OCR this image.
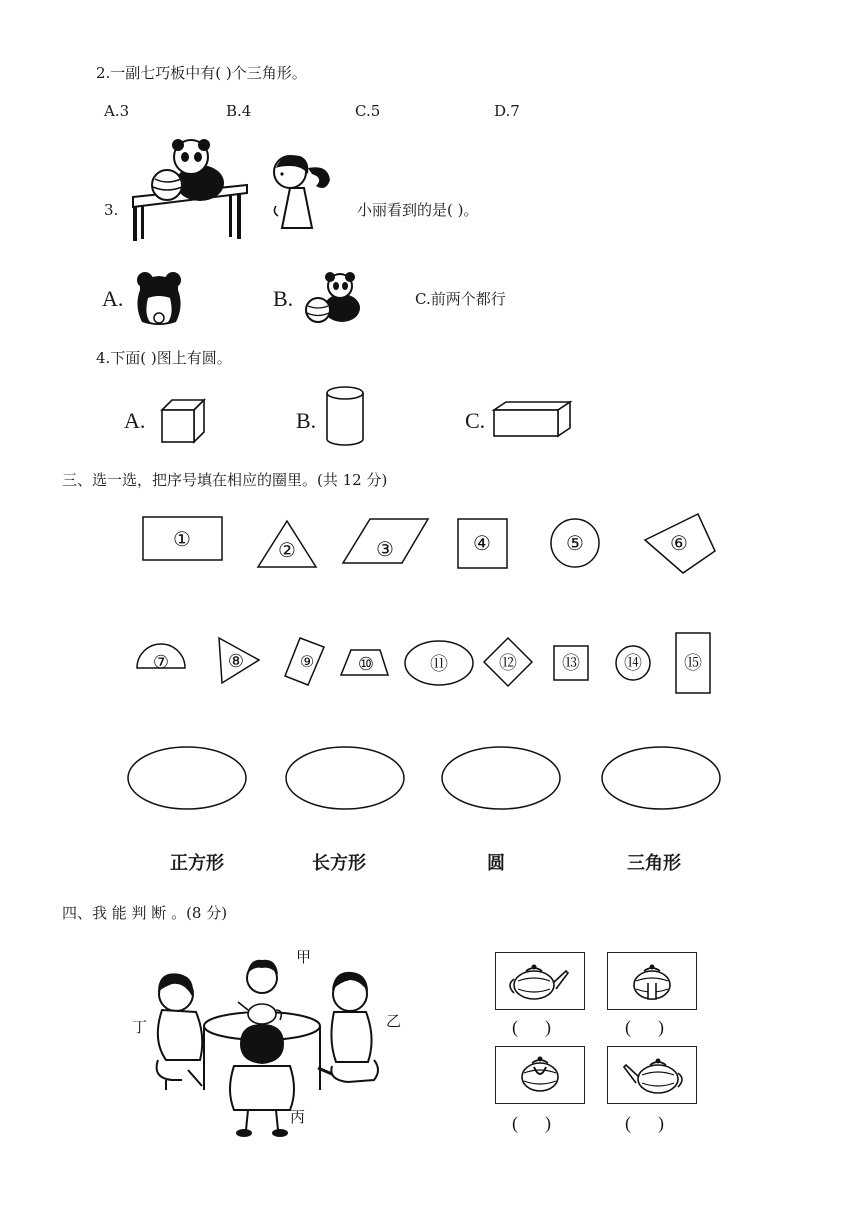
2.一副七巧板中有( )个三角形。
A.3	B.4	C.5	D.7
3.	小丽看到的是( )。
A.	B.	C.前两个都行
4.下面( )图上有圆。
A.	B.	C.
三、选一选，把序号填在相应的圈里。(共 12 分)
①	②	③	④	⑤	⑥
⑦	⑧	⑨ ⑩	⑪	⑫	⑬ ⑭ ⑮
正方形	长方形	圆	三角形
四、我 能 判 断 。(8 分)
甲
乙
丙
丁	(      )	(      )
(      )	(      )
